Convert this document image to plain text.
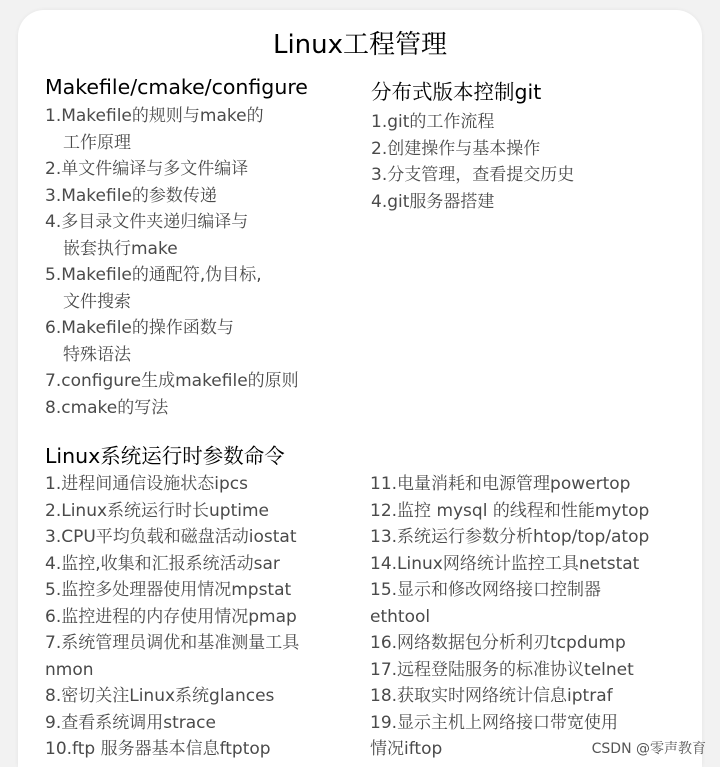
Linux工程管理
Makefile/cmake/configure
1.Makefile的规则与make的
工作原理
2.单文件编译与多文件编译
3.Makefile的参数传递
4.多目录文件夹递归编译与
嵌套执行make
5.Makefile的通配符,伪目标,
文件搜索
6.Makefile的操作函数与
特殊语法
7.configure生成makefile的原则
8.cmake的写法
分布式版本控制git
1.git的工作流程
2.创建操作与基本操作
3.分支管理，查看提交历史
4.git服务器搭建
Linux系统运行时参数命令
1.进程间通信设施状态ipcs
2.Linux系统运行时长uptime
3.CPU平均负载和磁盘活动iostat
4.监控,收集和汇报系统活动sar
5.监控多处理器使用情况mpstat
6.监控进程的内存使用情况pmap
7.系统管理员调优和基准测量工具
nmon
8.密切关注Linux系统glances
9.查看系统调用strace
10.ftp 服务器基本信息ftptop
11.电量消耗和电源管理powertop
12.监控 mysql 的线程和性能mytop
13.系统运行参数分析htop/top/atop
14.Linux网络统计监控工具netstat
15.显示和修改网络接口控制器
ethtool
16.网络数据包分析利刃tcpdump
17.远程登陆服务的标准协议telnet
18.获取实时网络统计信息iptraf
19.显示主机上网络接口带宽使用
情况iftop	CSDN @零声教育
